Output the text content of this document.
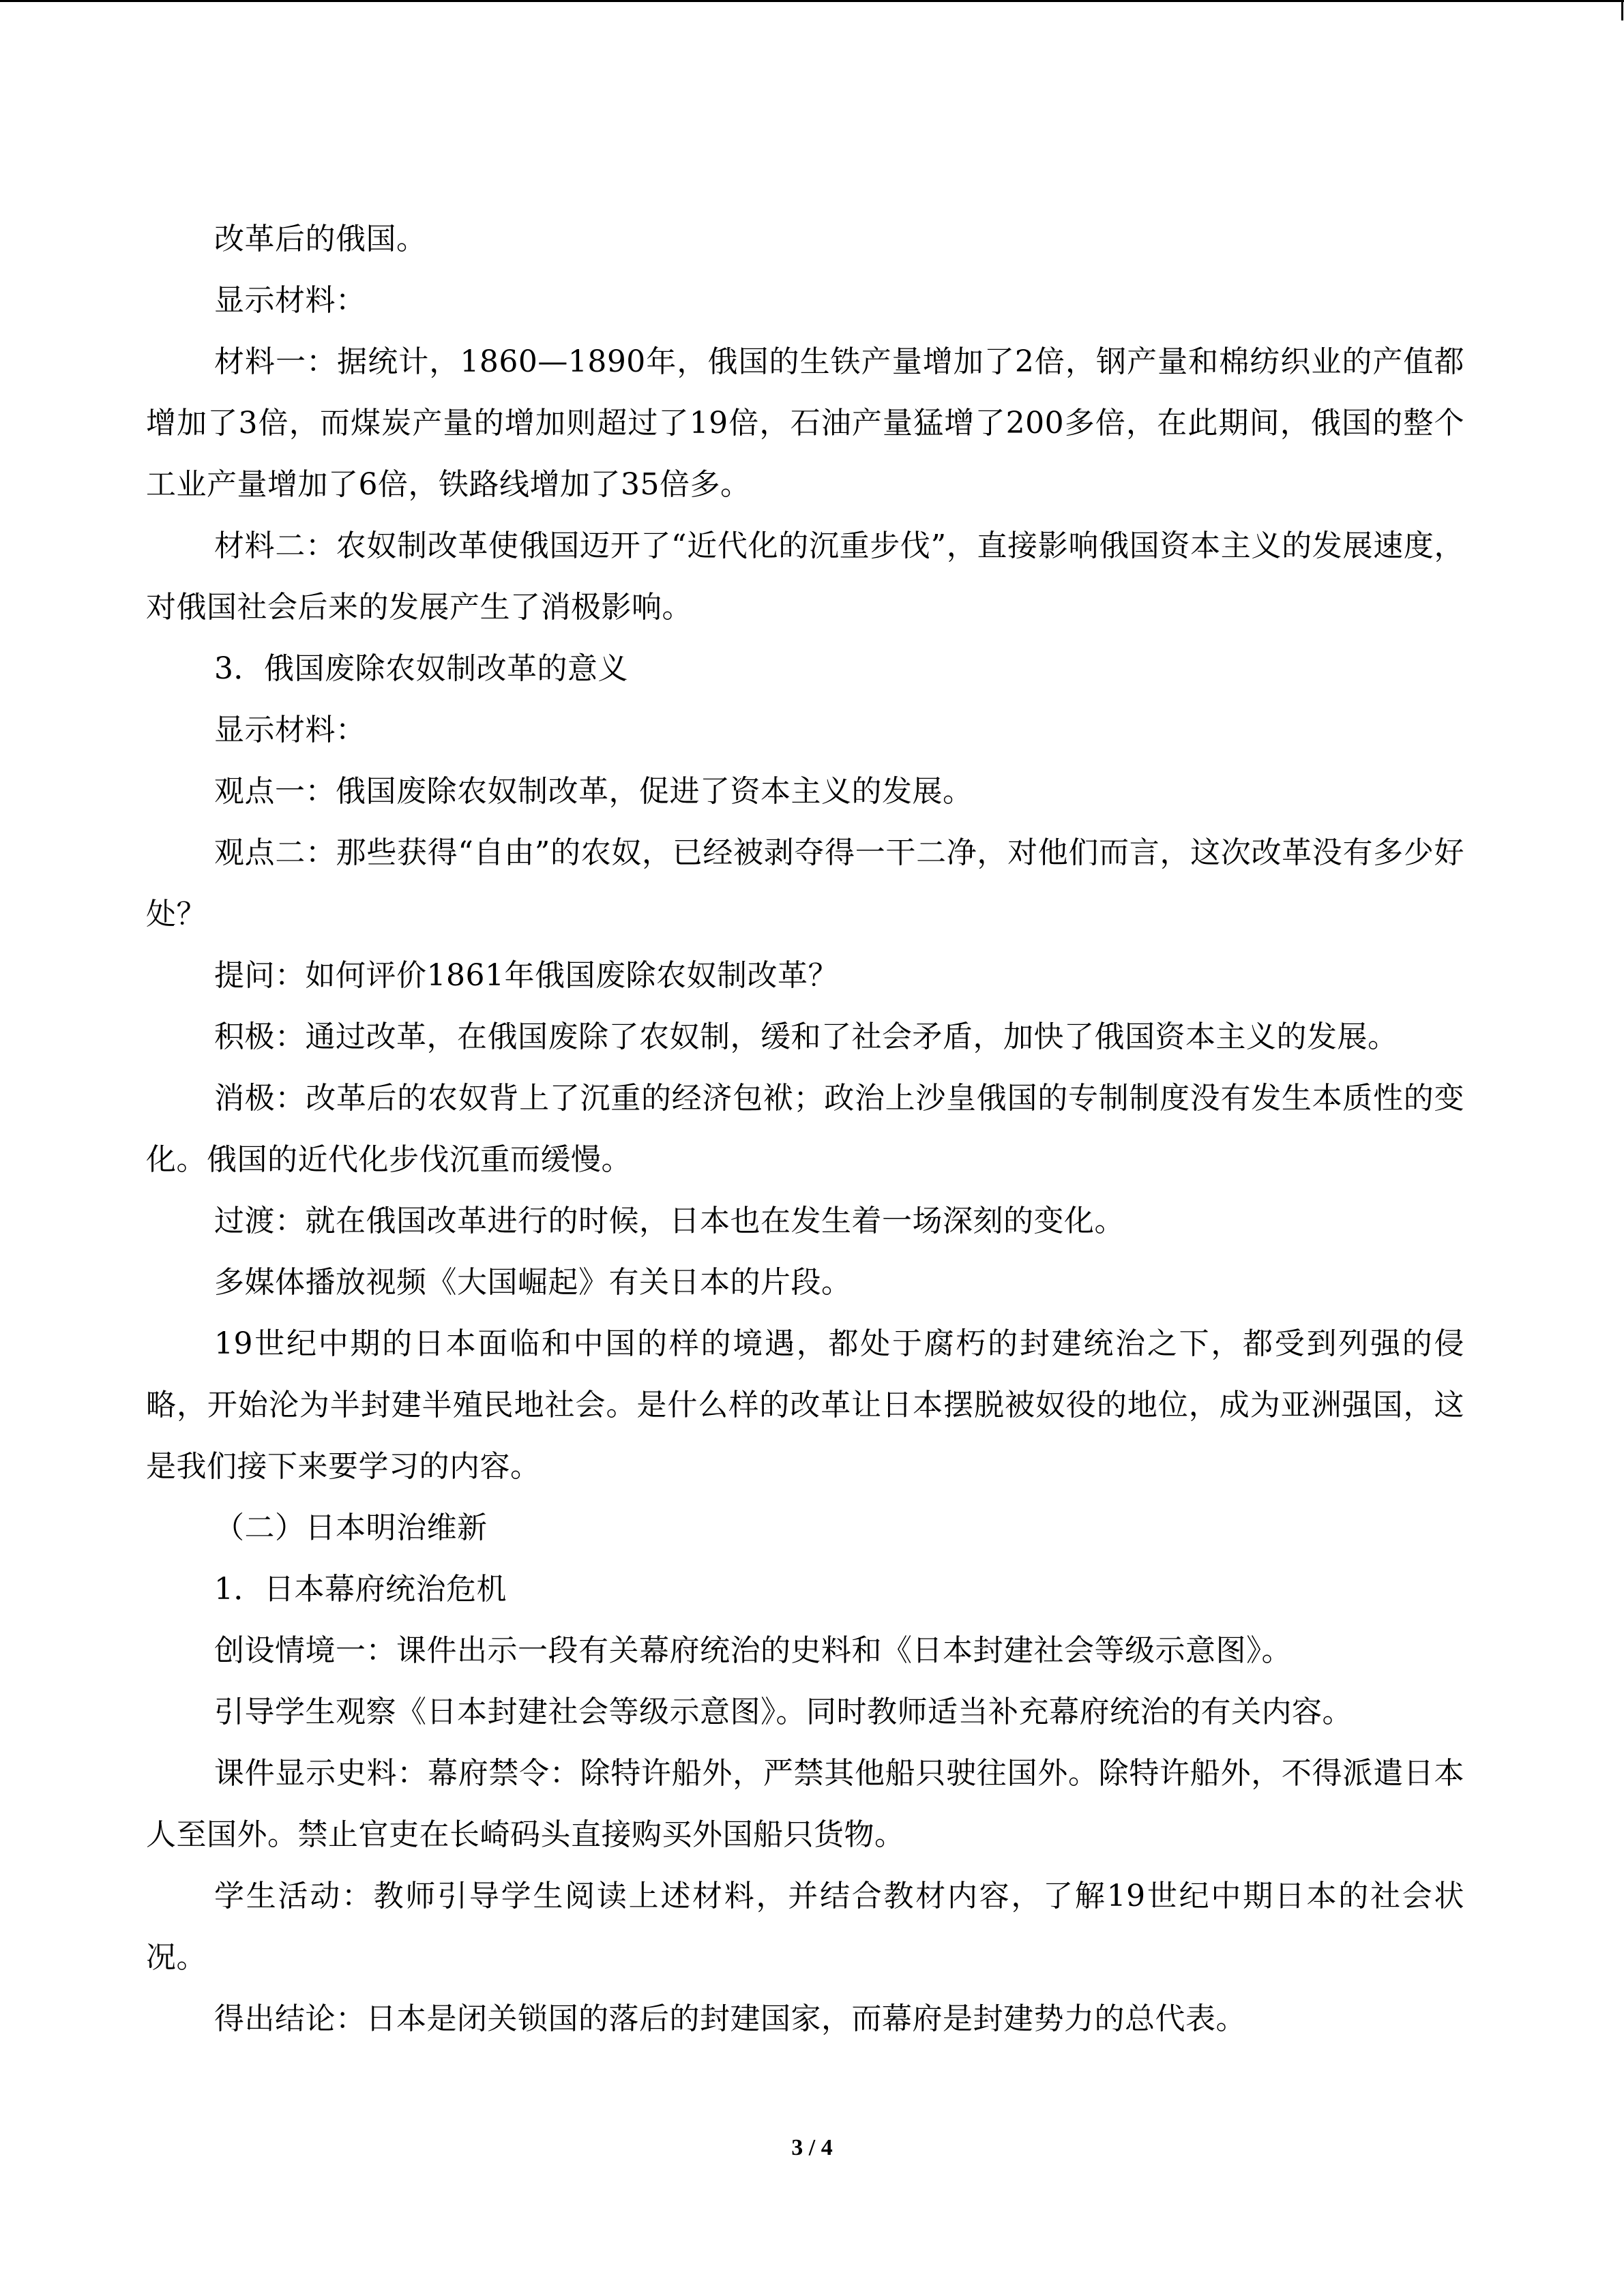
改革后的俄国。

显示材料：

材料一：据统计，1860—1890年，俄国的生铁产量增加了2倍，钢产量和棉纺织业的产值都增加了3倍，而煤炭产量的增加则超过了19倍，石油产量猛增了200多倍，在此期间，俄国的整个工业产量增加了6倍，铁路线增加了35倍多。

材料二：农奴制改革使俄国迈开了“近代化的沉重步伐”，直接影响俄国资本主义的发展速度，对俄国社会后来的发展产生了消极影响。

3．俄国废除农奴制改革的意义

显示材料：

观点一：俄国废除农奴制改革，促进了资本主义的发展。

观点二：那些获得“自由”的农奴，已经被剥夺得一干二净，对他们而言，这次改革没有多少好处？

提问：如何评价1861年俄国废除农奴制改革？

积极：通过改革，在俄国废除了农奴制，缓和了社会矛盾，加快了俄国资本主义的发展。

消极：改革后的农奴背上了沉重的经济包袱；政治上沙皇俄国的专制制度没有发生本质性的变化。俄国的近代化步伐沉重而缓慢。

过渡：就在俄国改革进行的时候，日本也在发生着一场深刻的变化。

多媒体播放视频《大国崛起》有关日本的片段。

19世纪中期的日本面临和中国的样的境遇，都处于腐朽的封建统治之下，都受到列强的侵略，开始沦为半封建半殖民地社会。是什么样的改革让日本摆脱被奴役的地位，成为亚洲强国，这是我们接下来要学习的内容。

（二）日本明治维新

1．日本幕府统治危机

创设情境一：课件出示一段有关幕府统治的史料和《日本封建社会等级示意图》。

引导学生观察《日本封建社会等级示意图》。同时教师适当补充幕府统治的有关内容。

课件显示史料：幕府禁令：除特许船外，严禁其他船只驶往国外。除特许船外，不得派遣日本人至国外。禁止官吏在长崎码头直接购买外国船只货物。

学生活动：教师引导学生阅读上述材料，并结合教材内容，了解19世纪中期日本的社会状况。

得出结论：日本是闭关锁国的落后的封建国家，而幕府是封建势力的总代表。

3 / 4
